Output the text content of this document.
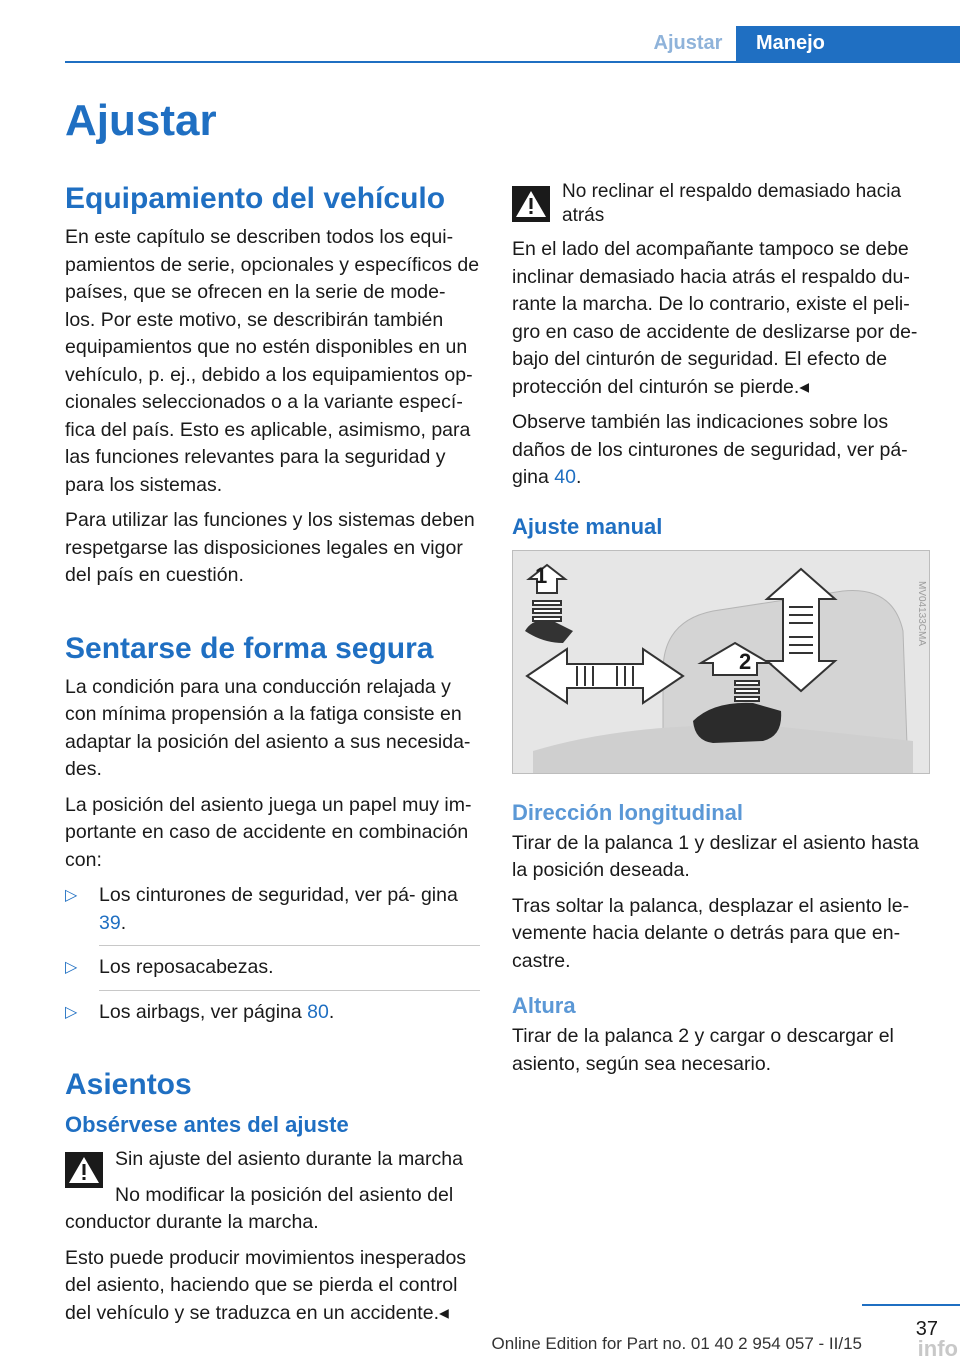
Ajustar	Manejo
Ajustar
Equipamiento del vehículo

En este capítulo se describen todos los equi- pamientos de serie, opcionales y específicos de países, que se ofrecen en la serie de mode- los. Por este motivo, se describirán también equipamientos que no estén disponibles en un vehículo, p. ej., debido a los equipamientos op- cionales seleccionados o a la variante especí- fica del país. Esto es aplicable, asimismo, para las funciones relevantes para la seguridad y para los sistemas.

Para utilizar las funciones y los sistemas deben respetgarse las disposiciones legales en vigor del país en cuestión.

Sentarse de forma segura

La condición para una conducción relajada y con mínima propensión a la fatiga consiste en adaptar la posición del asiento a sus necesida- des.

La posición del asiento juega un papel muy im- portante en caso de accidente en combinación con:

▷ Los cinturones de seguridad, ver pá- gina 39.
▷ Los reposacabezas.
▷ Los airbags, ver página 80.
Asientos
Obsérvese antes del ajuste

Sin ajuste del asiento durante la marcha

No modificar la posición del asiento del conductor durante la marcha.

Esto puede producir movimientos inesperados del asiento, haciendo que se pierda el control del vehículo y se traduzca en un accidente.◂

No reclinar el respaldo demasiado hacia atrás

En el lado del acompañante tampoco se debe inclinar demasiado hacia atrás el respaldo du- rante la marcha. De lo contrario, existe el peli- gro en caso de accidente de deslizarse por de- bajo del cinturón de seguridad. El efecto de protección del cinturón se pierde.◂

Observe también las indicaciones sobre los daños de los cinturones de seguridad, ver pá- gina 40.

Ajuste manual
1
2
MV04133CMA
Dirección longitudinal

Tirar de la palanca 1 y deslizar el asiento hasta la posición deseada.

Tras soltar la palanca, desplazar el asiento le- vemente hacia delante o detrás para que en- castre.

Altura

Tirar de la palanca 2 y cargar o descargar el asiento, según sea necesario.

37
Online Edition for Part no. 01 40 2 954 057 - II/15	info
